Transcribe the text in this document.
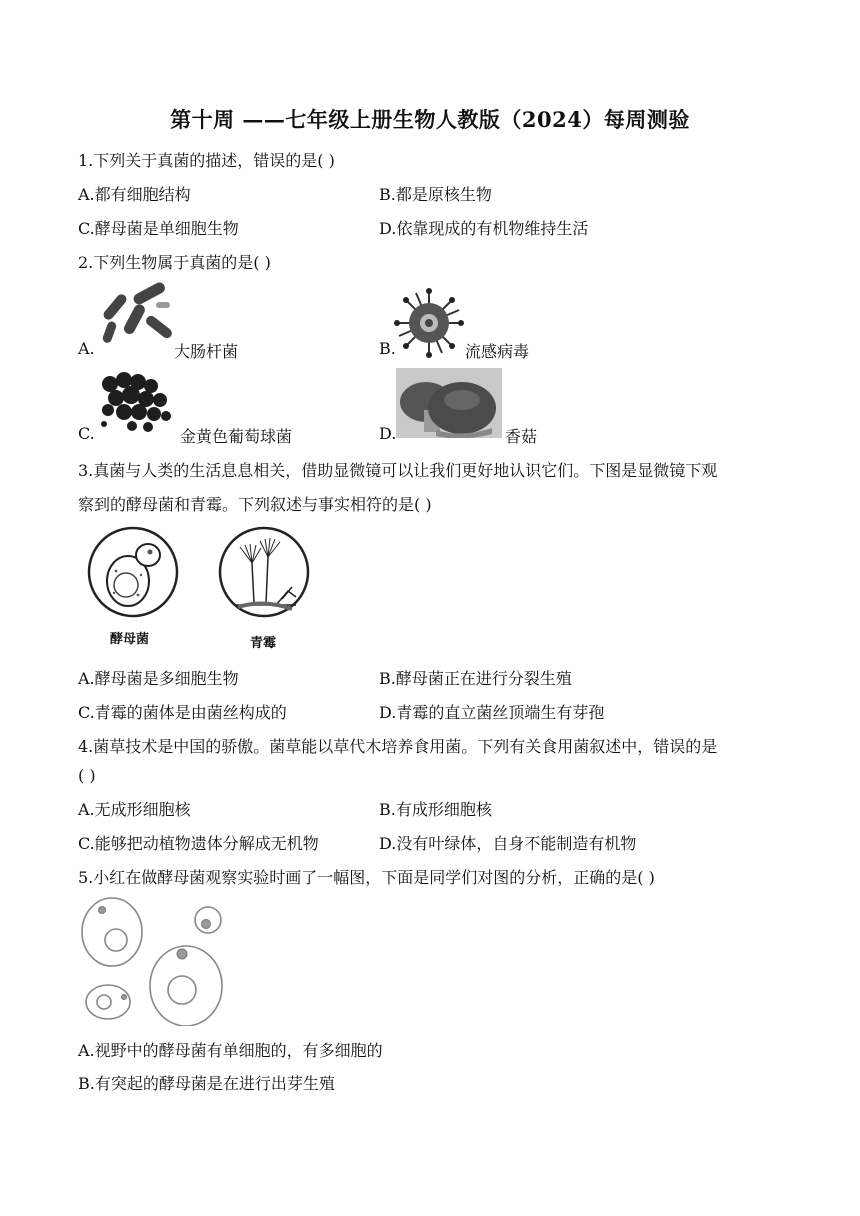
第十周 ——七年级上册生物人教版（2024）每周测验
1.下列关于真菌的描述，错误的是( )
A.都有细胞结构	B.都是原核生物
C.酵母菌是单细胞生物	D.依靠现成的有机物维持生活
2.下列生物属于真菌的是( )
A.	大肠杆菌	B.	流感病毒
C.	金黄色葡萄球菌	D.	香菇
3.真菌与人类的生活息息相关，借助显微镜可以让我们更好地认识它们。下图是显微镜下观
察到的酵母菌和青霉。下列叙述与事实相符的是( )
酵母菌	青霉
A.酵母菌是多细胞生物	B.酵母菌正在进行分裂生殖
C.青霉的菌体是由菌丝构成的	D.青霉的直立菌丝顶端生有芽孢
4.菌草技术是中国的骄傲。菌草能以草代木培养食用菌。下列有关食用菌叙述中，错误的是
( )
A.无成形细胞核	B.有成形细胞核
C.能够把动植物遗体分解成无机物	D.没有叶绿体，自身不能制造有机物
5.小红在做酵母菌观察实验时画了一幅图，下面是同学们对图的分析，正确的是( )
A.视野中的酵母菌有单细胞的，有多细胞的
B.有突起的酵母菌是在进行出芽生殖
